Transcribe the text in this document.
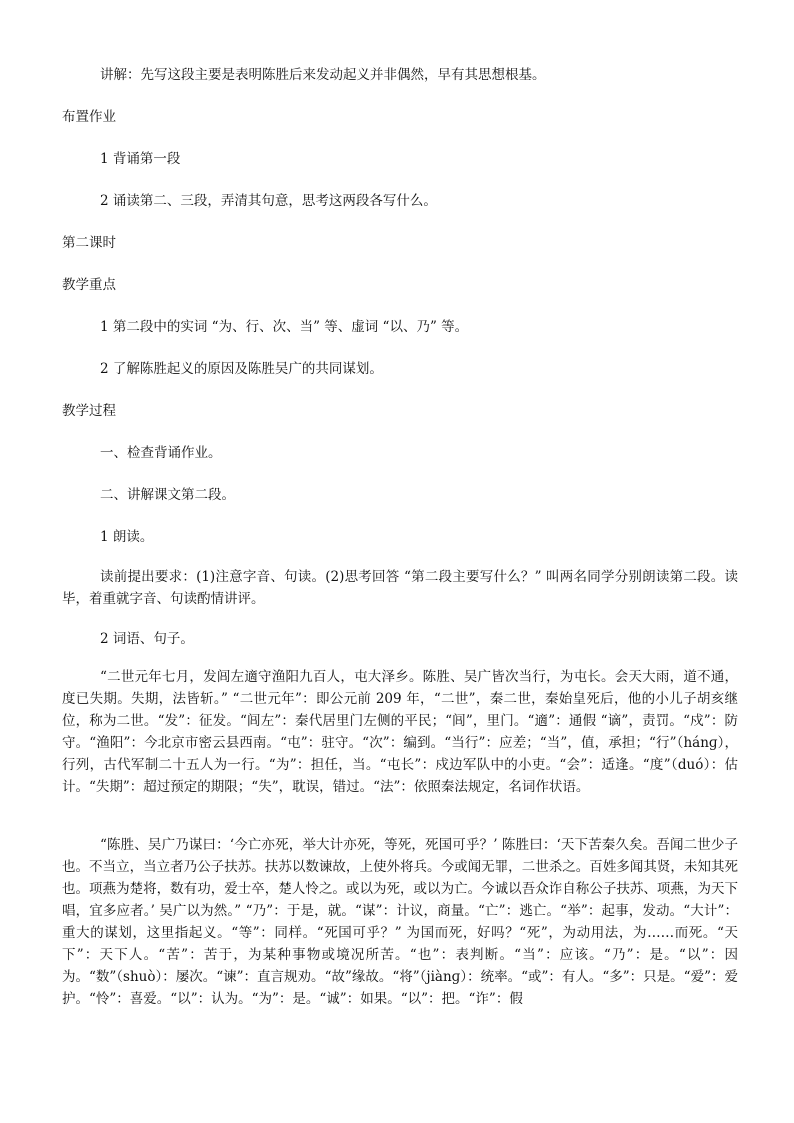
讲解：先写这段主要是表明陈胜后来发动起义并非偶然，早有其思想根基。

布置作业

1 背诵第一段

2 诵读第二、三段，弄清其句意，思考这两段各写什么。

第二课时

教学重点

1 第二段中的实词 “为、行、次、当” 等、虚词 “以、乃” 等。

2 了解陈胜起义的原因及陈胜吴广的共同谋划。

教学过程

一、检查背诵作业。

二、讲解课文第二段。

1 朗读。

读前提出要求：(1)注意字音、句读。(2)思考回答 “第二段主要写什么？” 叫两名同学分别朗读第二段。读毕，着重就字音、句读酌情讲评。

2 词语、句子。

“二世元年七月，发闾左適守渔阳九百人，屯大泽乡。陈胜、吴广皆次当行，为屯长。会天大雨，道不通，度已失期。失期，法皆斩。” “二世元年”：即公元前 209 年，“二世”，秦二世，秦始皇死后，他的小儿子胡亥继位，称为二世。“发”：征发。“闾左”：秦代居里门左侧的平民；“闾”，里门。“適”：通假 “谪”，责罚。“戍”：防守。“渔阳”：今北京市密云县西南。“屯”：驻守。“次”：编到。“当行”：应差；“当”，值，承担；“行”（hánɡ），行列，古代军制二十五人为一行。“为”：担任，当。“屯长”：戍边军队中的小吏。“会”：适逢。“度”（duó）：估计。“失期”：超过预定的期限；“失”，耽误，错过。“法”：依照秦法规定，名词作状语。

“陈胜、吴广乃谋曰：‘今亡亦死，举大计亦死，等死，死国可乎？’ 陈胜曰：‘天下苦秦久矣。吾闻二世少子也。不当立，当立者乃公子扶苏。扶苏以数谏故，上使外将兵。今或闻无罪，二世杀之。百姓多闻其贤，未知其死也。项燕为楚将，数有功，爱士卒，楚人怜之。或以为死，或以为亡。今诚以吾众诈自称公子扶苏、项燕，为天下唱，宜多应者。’ 吴广以为然。” “乃”：于是，就。“谋”：计议，商量。“亡”：逃亡。“举”：起事，发动。“大计”：重大的谋划，这里指起义。“等”：同样。“死国可乎？” 为国而死，好吗？“死”，为动用法，为……而死。“天下”：天下人。“苦”：苦于，为某种事物或境况所苦。“也”：表判断。“当”：应该。“乃”：是。“以”：因为。“数”（shuò）：屡次。“谏”：直言规劝。“故”缘故。“将”（jiànɡ）：统率。“或”：有人。“多”：只是。“爱”：爱护。“怜”：喜爱。“以”：认为。“为”：是。“诚”：如果。“以”：把。“诈”：假
